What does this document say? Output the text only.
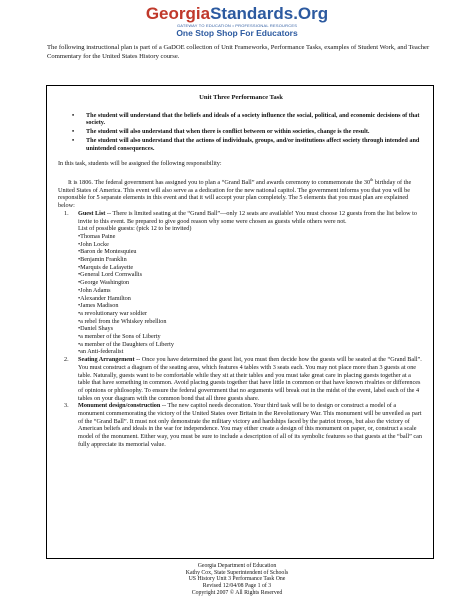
GeorgiaStandards.Org
GATEWAY TO EDUCATION • PROFESSIONAL RESOURCES
One Stop Shop For Educators
The following instructional plan is part of a GaDOE collection of Unit Frameworks, Performance Tasks, examples of Student Work, and Teacher Commentary for the United States History course.
Unit Three Performance Task
• The student will understand that the beliefs and ideals of a society influence the social, political, and economic decisions of that society.
• The student will also understand that when there is conflict between or within societies, change is the result.
• The student will also understand that the actions of individuals, groups, and/or institutions affect society through intended and unintended consequences.

In this task, students will be assigned the following responsibility:

It is 1806. The federal government has assigned you to plan a “Grand Ball” and awards ceremony to commemorate the 30th birthday of the United States of America. This event will also serve as a dedication for the new national capitol. The government informs you that you will be responsible for 5 separate elements in this event and that it will accept your plan completely. The 5 elements that you must plan are explained below:

1. Guest List -- There is limited seating at the “Grand Ball”—only 12 seats are available! You must choose 12 guests from the list below to invite to this event. Be prepared to give good reason why some were chosen as guests while others were not.
List of possible guests: (pick 12 to be invited)
•Thomas Paine
•John Locke
•Baron de Montesquieu
•Benjamin Franklin
•Marquis de Lafayette
•General Lord Cornwallis
•George Washington
•John Adams
•Alexander Hamilton
•James Madison
•a revolutionary war soldier
•a rebel from the Whiskey rebellion
•Daniel Shays
•a member of the Sons of Liberty
•a member of the Daughters of Liberty
•an Anti-federalist
2. Seating Arrangement -- Once you have determined the guest list, you must then decide how the guests will be seated at the “Grand Ball”. You must construct a diagram of the seating area, which features 4 tables with 3 seats each. You may not place more than 3 guests at one table. Naturally, guests want to be comfortable while they sit at their tables and you must take great care in placing guests together at a table that have something in common. Avoid placing guests together that have little in common or that have known rivalries or differences of opinions or philosophy. To ensure the federal government that no arguments will break out in the midst of the event, label each of the 4 tables on your diagram with the common bond that all three guests share.
3. Monument design/construction -- The new capitol needs decoration. Your third task will be to design or construct a model of a monument commemorating the victory of the United States over Britain in the Revolutionary War. This monument will be unveiled as part of the “Grand Ball”. It must not only demonstrate the military victory and hardships faced by the patriot troops, but also the victory of American beliefs and ideals in the war for independence. You may either create a design of this monument on paper, or, construct a scale model of the monument. Either way, you must be sure to include a description of all of its symbolic features so that guests at the “ball” can fully appreciate its memorial value.
Georgia Department of Education
Kathy Cox, State Superintendent of Schools
US History Unit 3 Performance Task One
Revised 12/04/08 Page 1 of 3
Copyright 2007 © All Rights Reserved
